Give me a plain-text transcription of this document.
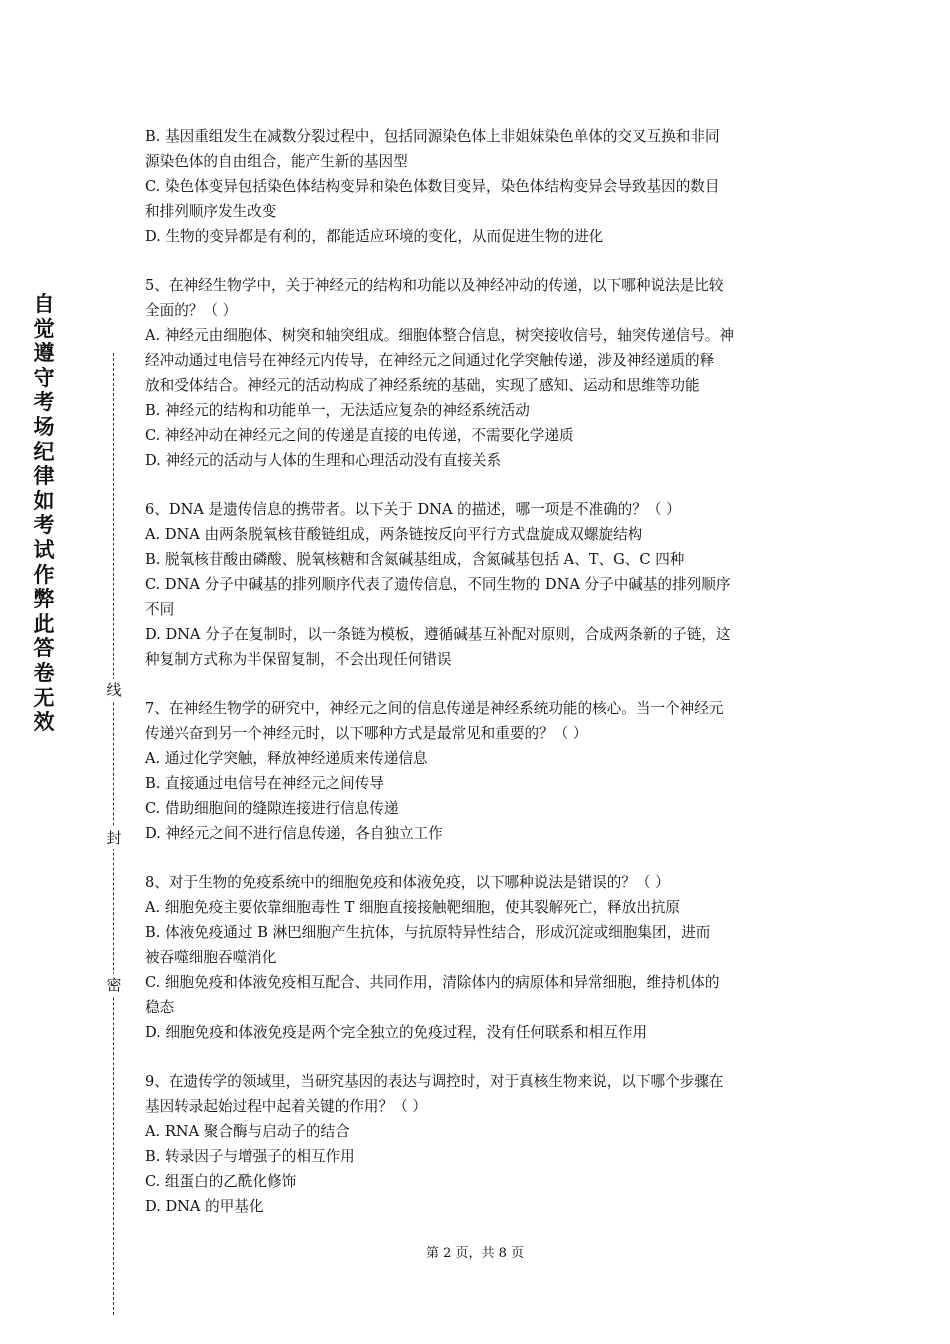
自觉遵守考场纪律如考试作弊此答卷无效
线
封
密
B. 基因重组发生在减数分裂过程中，包括同源染色体上非姐妹染色单体的交叉互换和非同
源染色体的自由组合，能产生新的基因型
C. 染色体变异包括染色体结构变异和染色体数目变异，染色体结构变异会导致基因的数目
和排列顺序发生改变
D. 生物的变异都是有利的，都能适应环境的变化，从而促进生物的进化
5、在神经生物学中，关于神经元的结构和功能以及神经冲动的传递，以下哪种说法是比较
全面的？（ ）
A. 神经元由细胞体、树突和轴突组成。细胞体整合信息，树突接收信号，轴突传递信号。神
经冲动通过电信号在神经元内传导，在神经元之间通过化学突触传递，涉及神经递质的释
放和受体结合。神经元的活动构成了神经系统的基础，实现了感知、运动和思维等功能
B. 神经元的结构和功能单一，无法适应复杂的神经系统活动
C. 神经冲动在神经元之间的传递是直接的电传递，不需要化学递质
D. 神经元的活动与人体的生理和心理活动没有直接关系
6、DNA 是遗传信息的携带者。以下关于 DNA 的描述，哪一项是不准确的？（ ）
A. DNA 由两条脱氧核苷酸链组成，两条链按反向平行方式盘旋成双螺旋结构
B. 脱氧核苷酸由磷酸、脱氧核糖和含氮碱基组成，含氮碱基包括 A、T、G、C 四种
C. DNA 分子中碱基的排列顺序代表了遗传信息，不同生物的 DNA 分子中碱基的排列顺序
不同
D. DNA 分子在复制时，以一条链为模板，遵循碱基互补配对原则，合成两条新的子链，这
种复制方式称为半保留复制，不会出现任何错误
7、在神经生物学的研究中，神经元之间的信息传递是神经系统功能的核心。当一个神经元
传递兴奋到另一个神经元时，以下哪种方式是最常见和重要的？（ ）
A. 通过化学突触，释放神经递质来传递信息
B. 直接通过电信号在神经元之间传导
C. 借助细胞间的缝隙连接进行信息传递
D. 神经元之间不进行信息传递，各自独立工作
8、对于生物的免疫系统中的细胞免疫和体液免疫，以下哪种说法是错误的？（ ）
A. 细胞免疫主要依靠细胞毒性 T 细胞直接接触靶细胞，使其裂解死亡，释放出抗原
B. 体液免疫通过 B 淋巴细胞产生抗体，与抗原特异性结合，形成沉淀或细胞集团，进而
被吞噬细胞吞噬消化
C. 细胞免疫和体液免疫相互配合、共同作用，清除体内的病原体和异常细胞，维持机体的
稳态
D. 细胞免疫和体液免疫是两个完全独立的免疫过程，没有任何联系和相互作用
9、在遗传学的领域里，当研究基因的表达与调控时，对于真核生物来说，以下哪个步骤在
基因转录起始过程中起着关键的作用？（ ）
A. RNA 聚合酶与启动子的结合
B. 转录因子与增强子的相互作用
C. 组蛋白的乙酰化修饰
D. DNA 的甲基化
第 2 页，共 8 页
